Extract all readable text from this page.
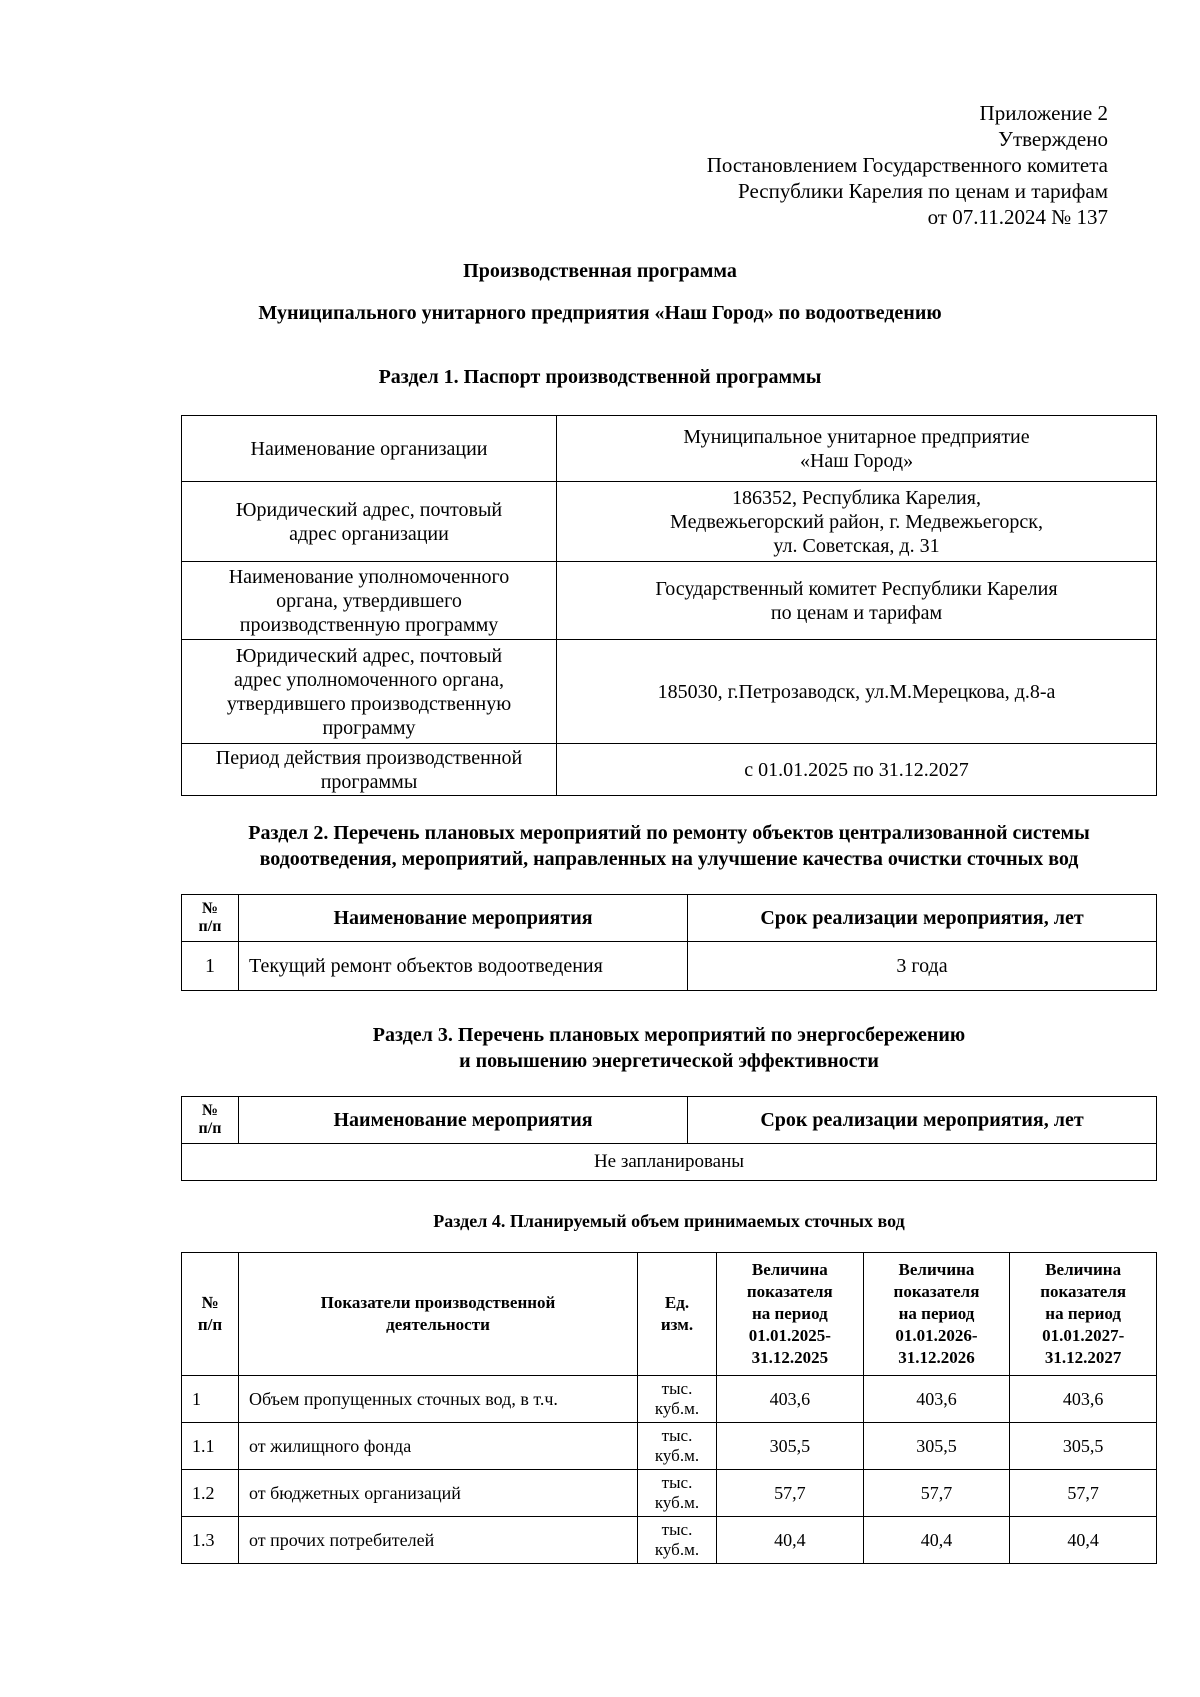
Приложение 2
Утверждено
Постановлением Государственного комитета
Республики Карелия по ценам и тарифам
от 07.11.2024 № 137
Производственная программа
Муниципального унитарного предприятия «Наш Город» по водоотведению
Раздел 1. Паспорт производственной программы
Наименование организации	Муниципальное унитарное предприятие
«Наш Город»
Юридический адрес, почтовый
адрес организации	186352, Республика Карелия,
Медвежьегорский район, г. Медвежьегорск,
ул. Советская, д. 31
Наименование уполномоченного
органа, утвердившего
производственную программу	Государственный комитет Республики Карелия
по ценам и тарифам
Юридический адрес, почтовый
адрес уполномоченного органа,
утвердившего производственную
программу	185030, г.Петрозаводск, ул.М.Мерецкова, д.8-а
Период действия производственной
программы	с 01.01.2025 по 31.12.2027
Раздел 2. Перечень плановых мероприятий по ремонту объектов централизованной системы
водоотведения, мероприятий, направленных на улучшение качества очистки сточных вод
№
п/п	Наименование мероприятия	Срок реализации мероприятия, лет
1	Текущий ремонт объектов водоотведения	3 года
Раздел 3. Перечень плановых мероприятий по энергосбережению
и повышению энергетической эффективности
№
п/п	Наименование мероприятия	Срок реализации мероприятия, лет
Не запланированы
Раздел 4. Планируемый объем принимаемых сточных вод
№
п/п	Показатели производственной
деятельности	Ед.
изм.	Величина
показателя
на период
01.01.2025-
31.12.2025	Величина
показателя
на период
01.01.2026-
31.12.2026	Величина
показателя
на период
01.01.2027-
31.12.2027
1	Объем пропущенных сточных вод, в т.ч.	тыс.
куб.м.	403,6	403,6	403,6
1.1	от жилищного фонда	тыс.
куб.м.	305,5	305,5	305,5
1.2	от бюджетных организаций	тыс.
куб.м.	57,7	57,7	57,7
1.3	от прочих потребителей	тыс.
куб.м.	40,4	40,4	40,4
